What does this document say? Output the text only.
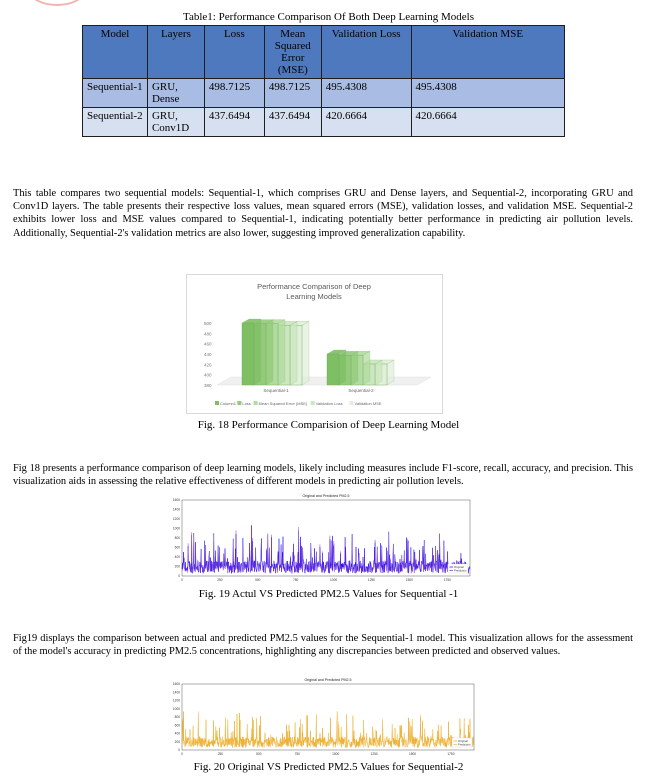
Table1: Performance Comparison Of Both Deep Learning Models
Model	Layers	Loss	Mean Squared Error (MSE)	Validation Loss	Validation MSE
Sequential-1	GRU, Dense	498.7125	498.7125	495.4308	495.4308
Sequential-2	GRU, Conv1D	437.6494	437.6494	420.6664	420.6664
This table compares two sequential models: Sequential-1, which comprises GRU and Dense layers, and Sequential-2, incorporating GRU and Conv1D layers. The table presents their respective loss values, mean squared errors (MSE), validation losses, and validation MSE. Sequential-2 exhibits lower loss and MSE values compared to Sequential-1, indicating potentially better performance in predicting air pollution levels. Additionally, Sequential-2's validation metrics are also lower, suggesting improved generalization capability.
Performance Comparison of Deep
Learning Models
500
480
460
440
420
400
380
Sequential-1	Sequential-2
Column1 Loss Mean Squared Error (MSE) Validation Loss	Validation MSE
Fig. 18 Performance Comparision of Deep Learning Model
Fig 18 presents a performance comparison of deep learning models, likely including measures include F1-score, recall, accuracy, and precision. This visualization aids in assessing the relative effectiveness of different models in predicting air pollution levels.
Original and Predicted PM2.5
0
200
400
600
800
1000
1200
1400
1600
0	250	500	750	1000	1250	1500	1750
Original
Prediction
Fig. 19 Actul VS Predicted PM2.5 Values for Sequential -1
Fig19 displays the comparison between actual and predicted PM2.5 values for the Sequential-1 model. This visualization allows for the assessment of the model's accuracy in predicting PM2.5 concentrations, highlighting any discrepancies between predicted and observed values.
Original and Predicted PM2.5
0
200
400
600
800
1000
1200
1400
1600
0	250	500	750	1000	1250	1500	1750
Original
Prediction
Fig. 20 Original VS Predicted PM2.5 Values for Sequential-2
